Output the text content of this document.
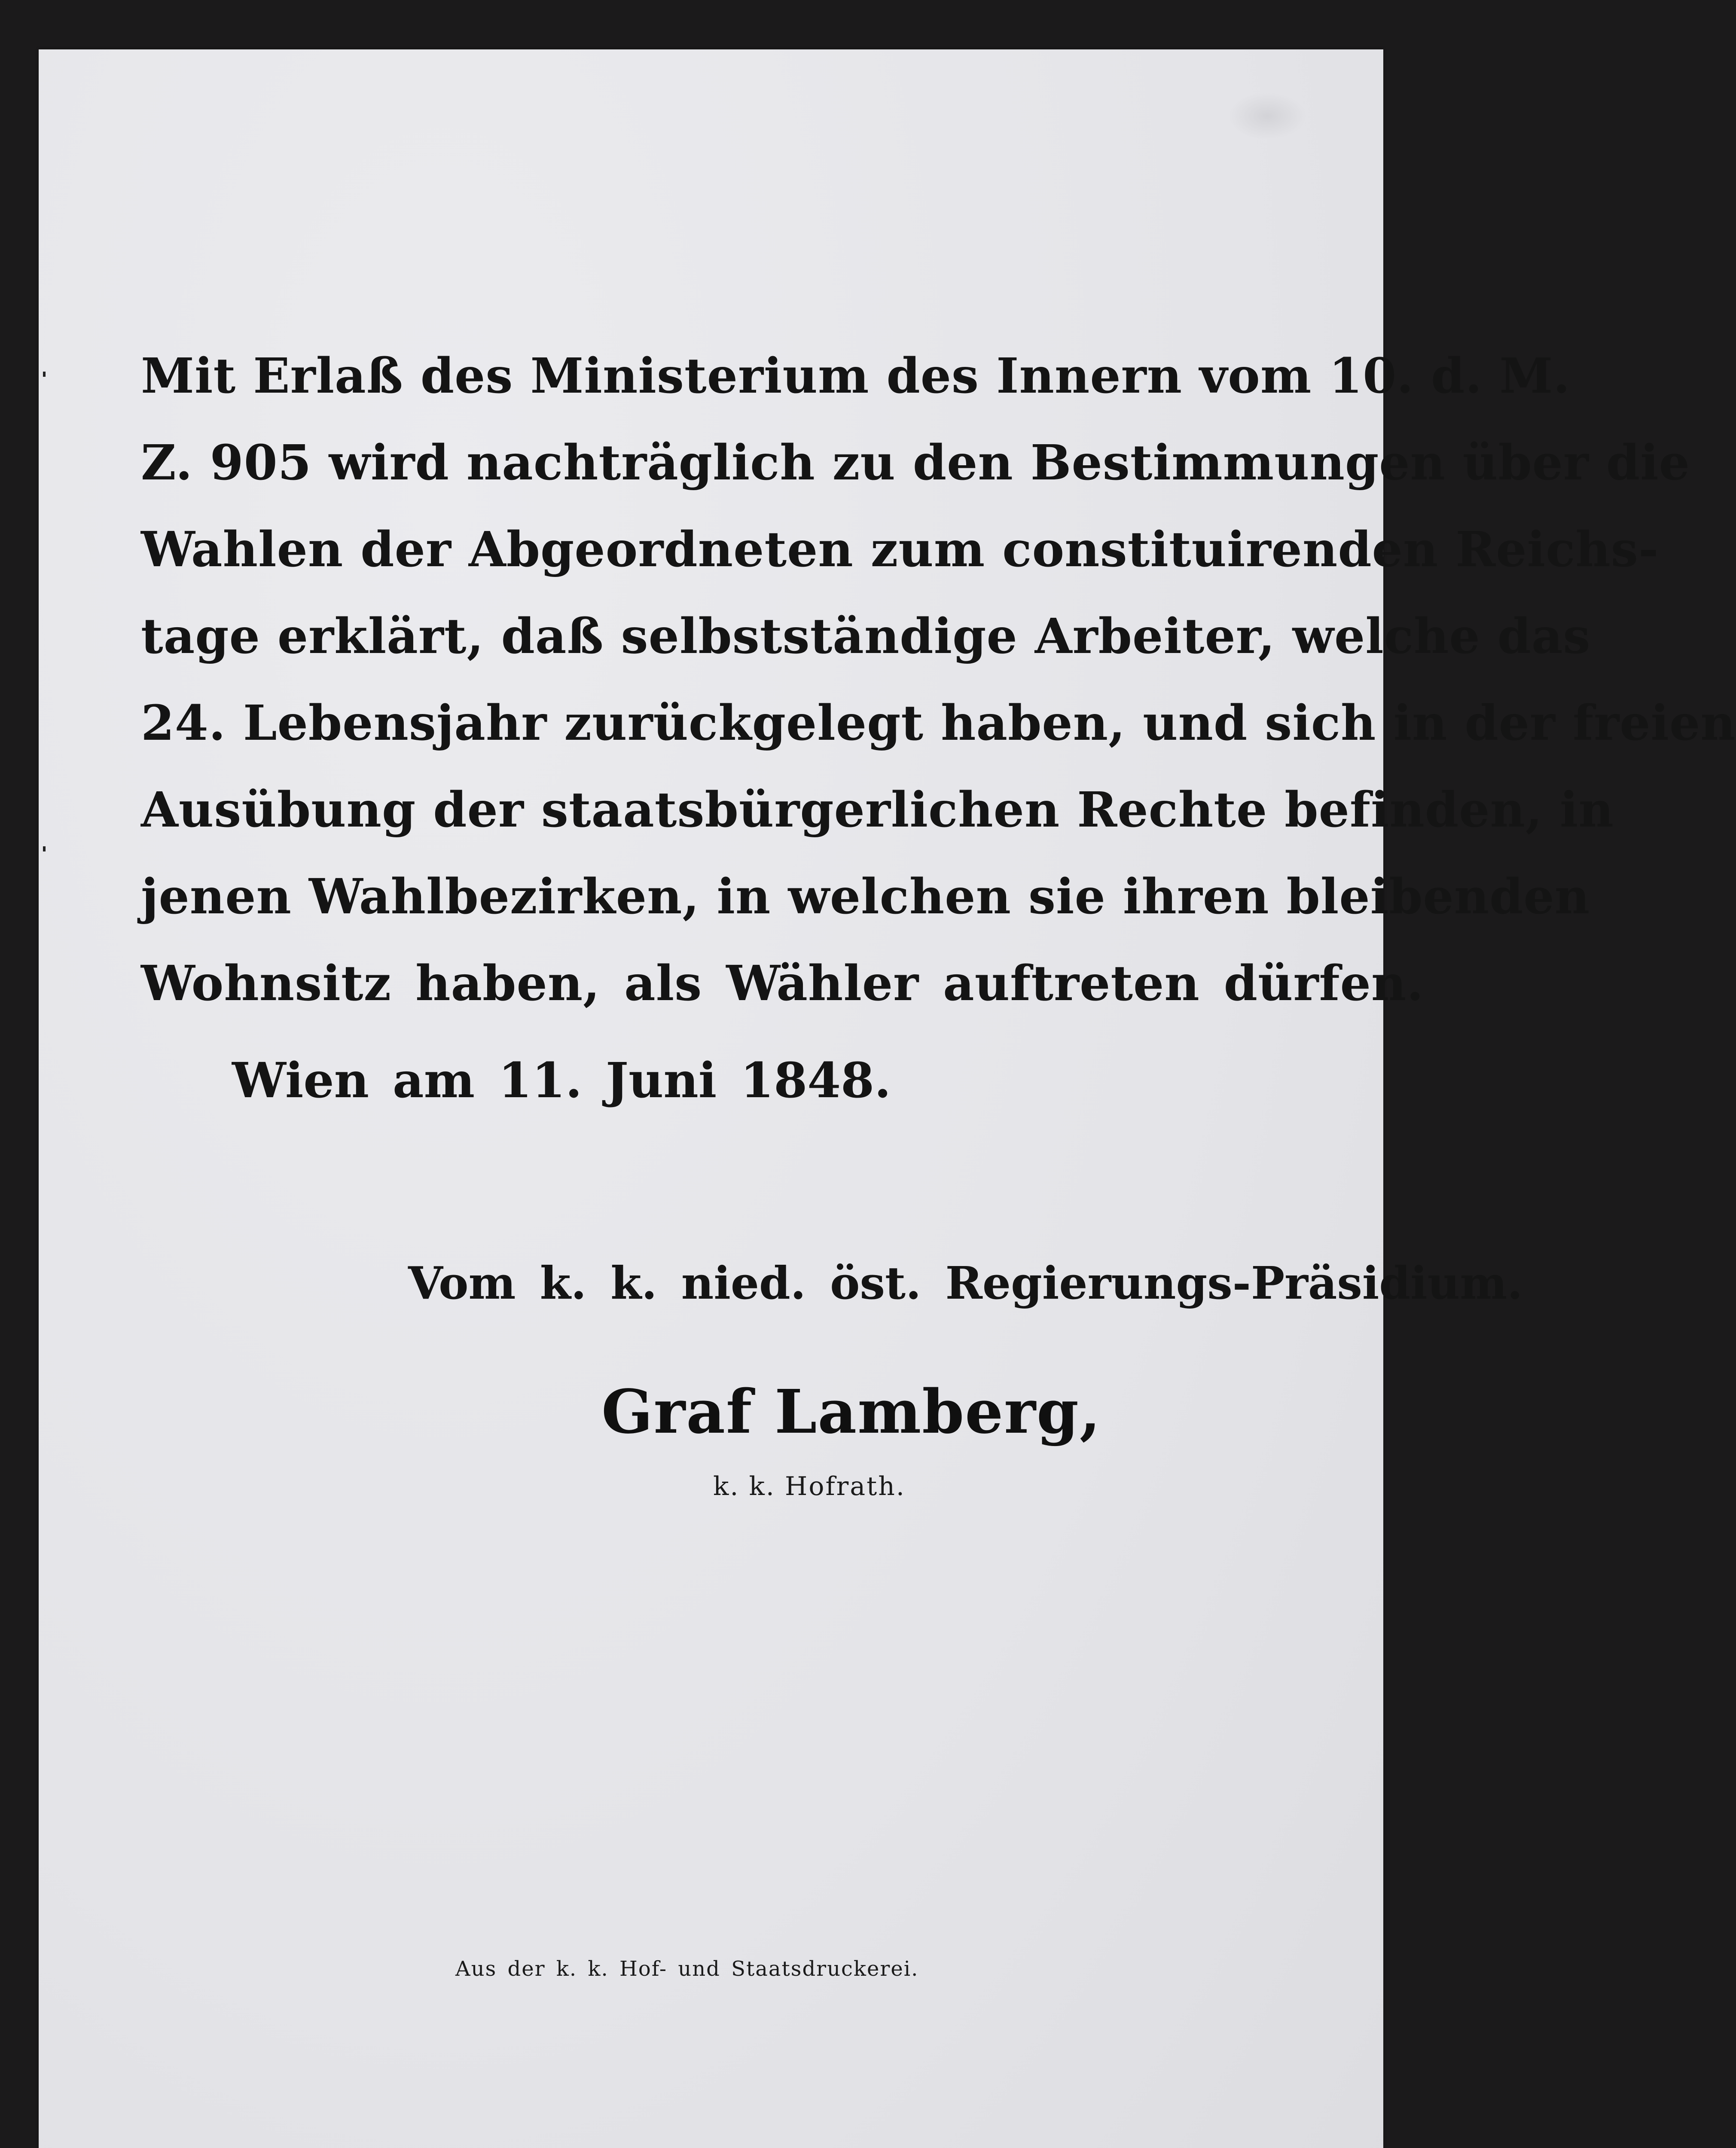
Mit Erlaß des Ministerium des Innern vom 10. d. M.
Z. 905 wird nachträglich zu den Bestimmungen über die
Wahlen der Abgeordneten zum constituirenden Reichs-
tage erklärt, daß selbstständige Arbeiter, welche das
24. Lebensjahr zurückgelegt haben, und sich in der freien
Ausübung der staatsbürgerlichen Rechte befinden, in
jenen Wahlbezirken, in welchen sie ihren bleibenden
Wohnsitz haben, als Wähler auftreten dürfen.

Wien am 11. Juni 1848.

Vom k. k. nied. öst. Regierungs-Präsidium.

Graf Lamberg,

k. k. Hofrath.

Aus der k. k. Hof- und Staatsdruckerei.
